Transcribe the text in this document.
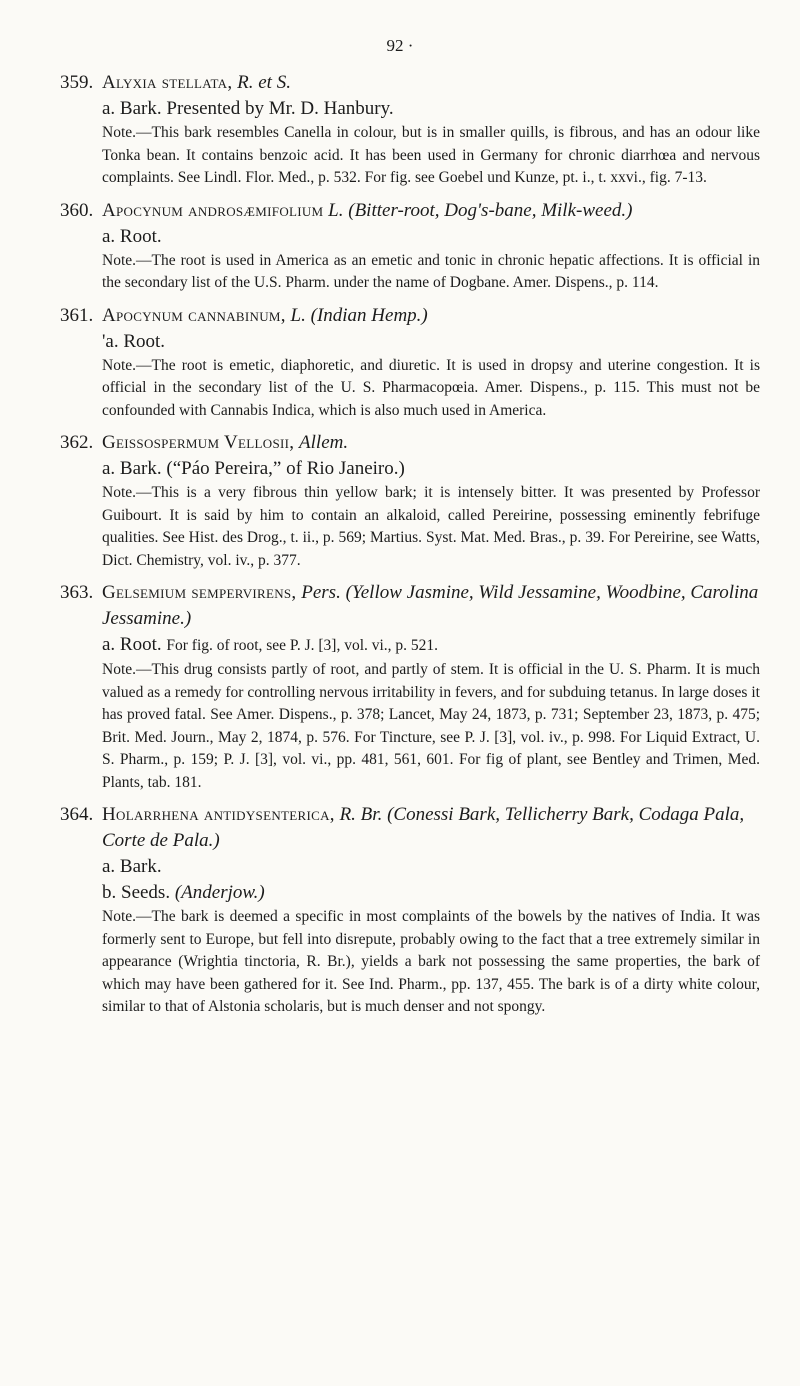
92 ·
359. Alyxia stellata, R. et S.
a. Bark. Presented by Mr. D. Hanbury.
Note.—This bark resembles Canella in colour, but is in smaller quills, is fibrous, and has an odour like Tonka bean. It contains benzoic acid. It has been used in Germany for chronic diarrhœa and nervous complaints. See Lindl. Flor. Med., p. 532. For fig. see Goebel und Kunze, pt. i., t. xxvi., fig. 7-13.
360. Apocynum androsæmifolium L. (Bitter-root, Dog's-bane, Milk-weed.)
a. Root.
Note.—The root is used in America as an emetic and tonic in chronic hepatic affections. It is official in the secondary list of the U.S. Pharm. under the name of Dogbane. Amer. Dispens., p. 114.
361. Apocynum cannabinum, L. (Indian Hemp.)
'a. Root.
Note.—The root is emetic, diaphoretic, and diuretic. It is used in dropsy and uterine congestion. It is official in the secondary list of the U. S. Pharmacopœia. Amer. Dispens., p. 115. This must not be confounded with Cannabis Indica, which is also much used in America.
362. Geissospermum Vellosii, Allem.
a. Bark. (“Páo Pereira,” of Rio Janeiro.)
Note.—This is a very fibrous thin yellow bark; it is intensely bitter. It was presented by Professor Guibourt. It is said by him to contain an alkaloid, called Pereirine, possessing eminently febrifuge qualities. See Hist. des Drog., t. ii., p. 569; Martius. Syst. Mat. Med. Bras., p. 39. For Pereirine, see Watts, Dict. Chemistry, vol. iv., p. 377.
363. Gelsemium sempervirens, Pers. (Yellow Jasmine, Wild Jessamine, Woodbine, Carolina Jessamine.)
a. Root. For fig. of root, see P. J. [3], vol. vi., p. 521.
Note.—This drug consists partly of root, and partly of stem. It is official in the U. S. Pharm. It is much valued as a remedy for controlling nervous irritability in fevers, and for subduing tetanus. In large doses it has proved fatal. See Amer. Dispens., p. 378; Lancet, May 24, 1873, p. 731; September 23, 1873, p. 475; Brit. Med. Journ., May 2, 1874, p. 576. For Tincture, see P. J. [3], vol. iv., p. 998. For Liquid Extract, U. S. Pharm., p. 159; P. J. [3], vol. vi., pp. 481, 561, 601. For fig of plant, see Bentley and Trimen, Med. Plants, tab. 181.
364. Holarrhena antidysenterica, R. Br. (Conessi Bark, Tellicherry Bark, Codaga Pala, Corte de Pala.)
a. Bark.
b. Seeds. (Anderjow.)
Note.—The bark is deemed a specific in most complaints of the bowels by the natives of India. It was formerly sent to Europe, but fell into disrepute, probably owing to the fact that a tree extremely similar in appearance (Wrightia tinctoria, R. Br.), yields a bark not possessing the same properties, the bark of which may have been gathered for it. See Ind. Pharm., pp. 137, 455. The bark is of a dirty white colour, similar to that of Alstonia scholaris, but is much denser and not spongy.
